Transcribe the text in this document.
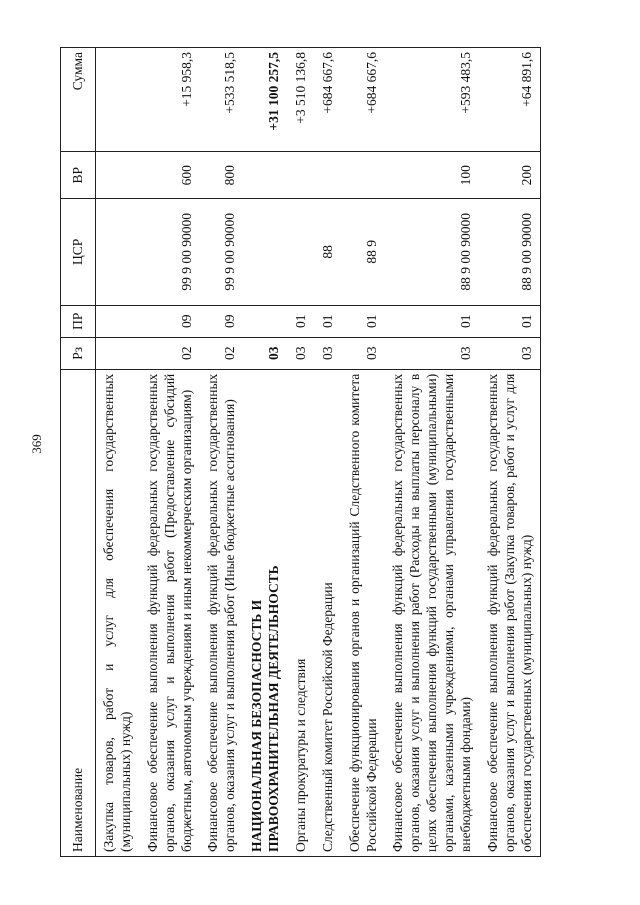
369
Наименование	Рз	ПР	ЦСР	ВР	Сумма
(Закупка товаров, работ и услуг для обеспечения государственных (муниципальных) нужд)					
Финансовое обеспечение выполнения функций федеральных государственных органов, оказания услуг и выполнения работ (Предоставление субсидий бюджетным, автономным учреждениям и иным некоммерческим организациям)	02	09	99 9 00 90000	600	+15 958,3
Финансовое обеспечение выполнения функций федеральных государственных органов, оказания услуг и выполнения работ (Иные бюджетные ассигнования)	02	09	99 9 00 90000	800	+533 518,5

НАЦИОНАЛЬНАЯ БЕЗОПАСНОСТЬ И ПРАВООХРАНИТЕЛЬНАЯ ДЕЯТЕЛЬНОСТЬ	03				+31 100 257,5
Органы прокуратуры и следствия	03	01			+3 510 136,8
Следственный комитет Российской Федерации	03	01	88		+684 667,6
Обеспечение функционирования органов и организаций Следственного комитета Российской Федерации	03	01	88 9		+684 667,6
Финансовое обеспечение выполнения функций федеральных государственных органов, оказания услуг и выполнения работ (Расходы на выплаты персоналу в целях обеспечения выполнения функций государственными (муниципальными) органами, казенными учреждениями, органами управления государственными внебюджетными фондами)	03	01	88 9 00 90000	100	+593 483,5
Финансовое обеспечение выполнения функций федеральных государственных органов, оказания услуг и выполнения работ (Закупка товаров, работ и услуг для обеспечения государственных (муниципальных) нужд)	03	01	88 9 00 90000	200	+64 891,6
